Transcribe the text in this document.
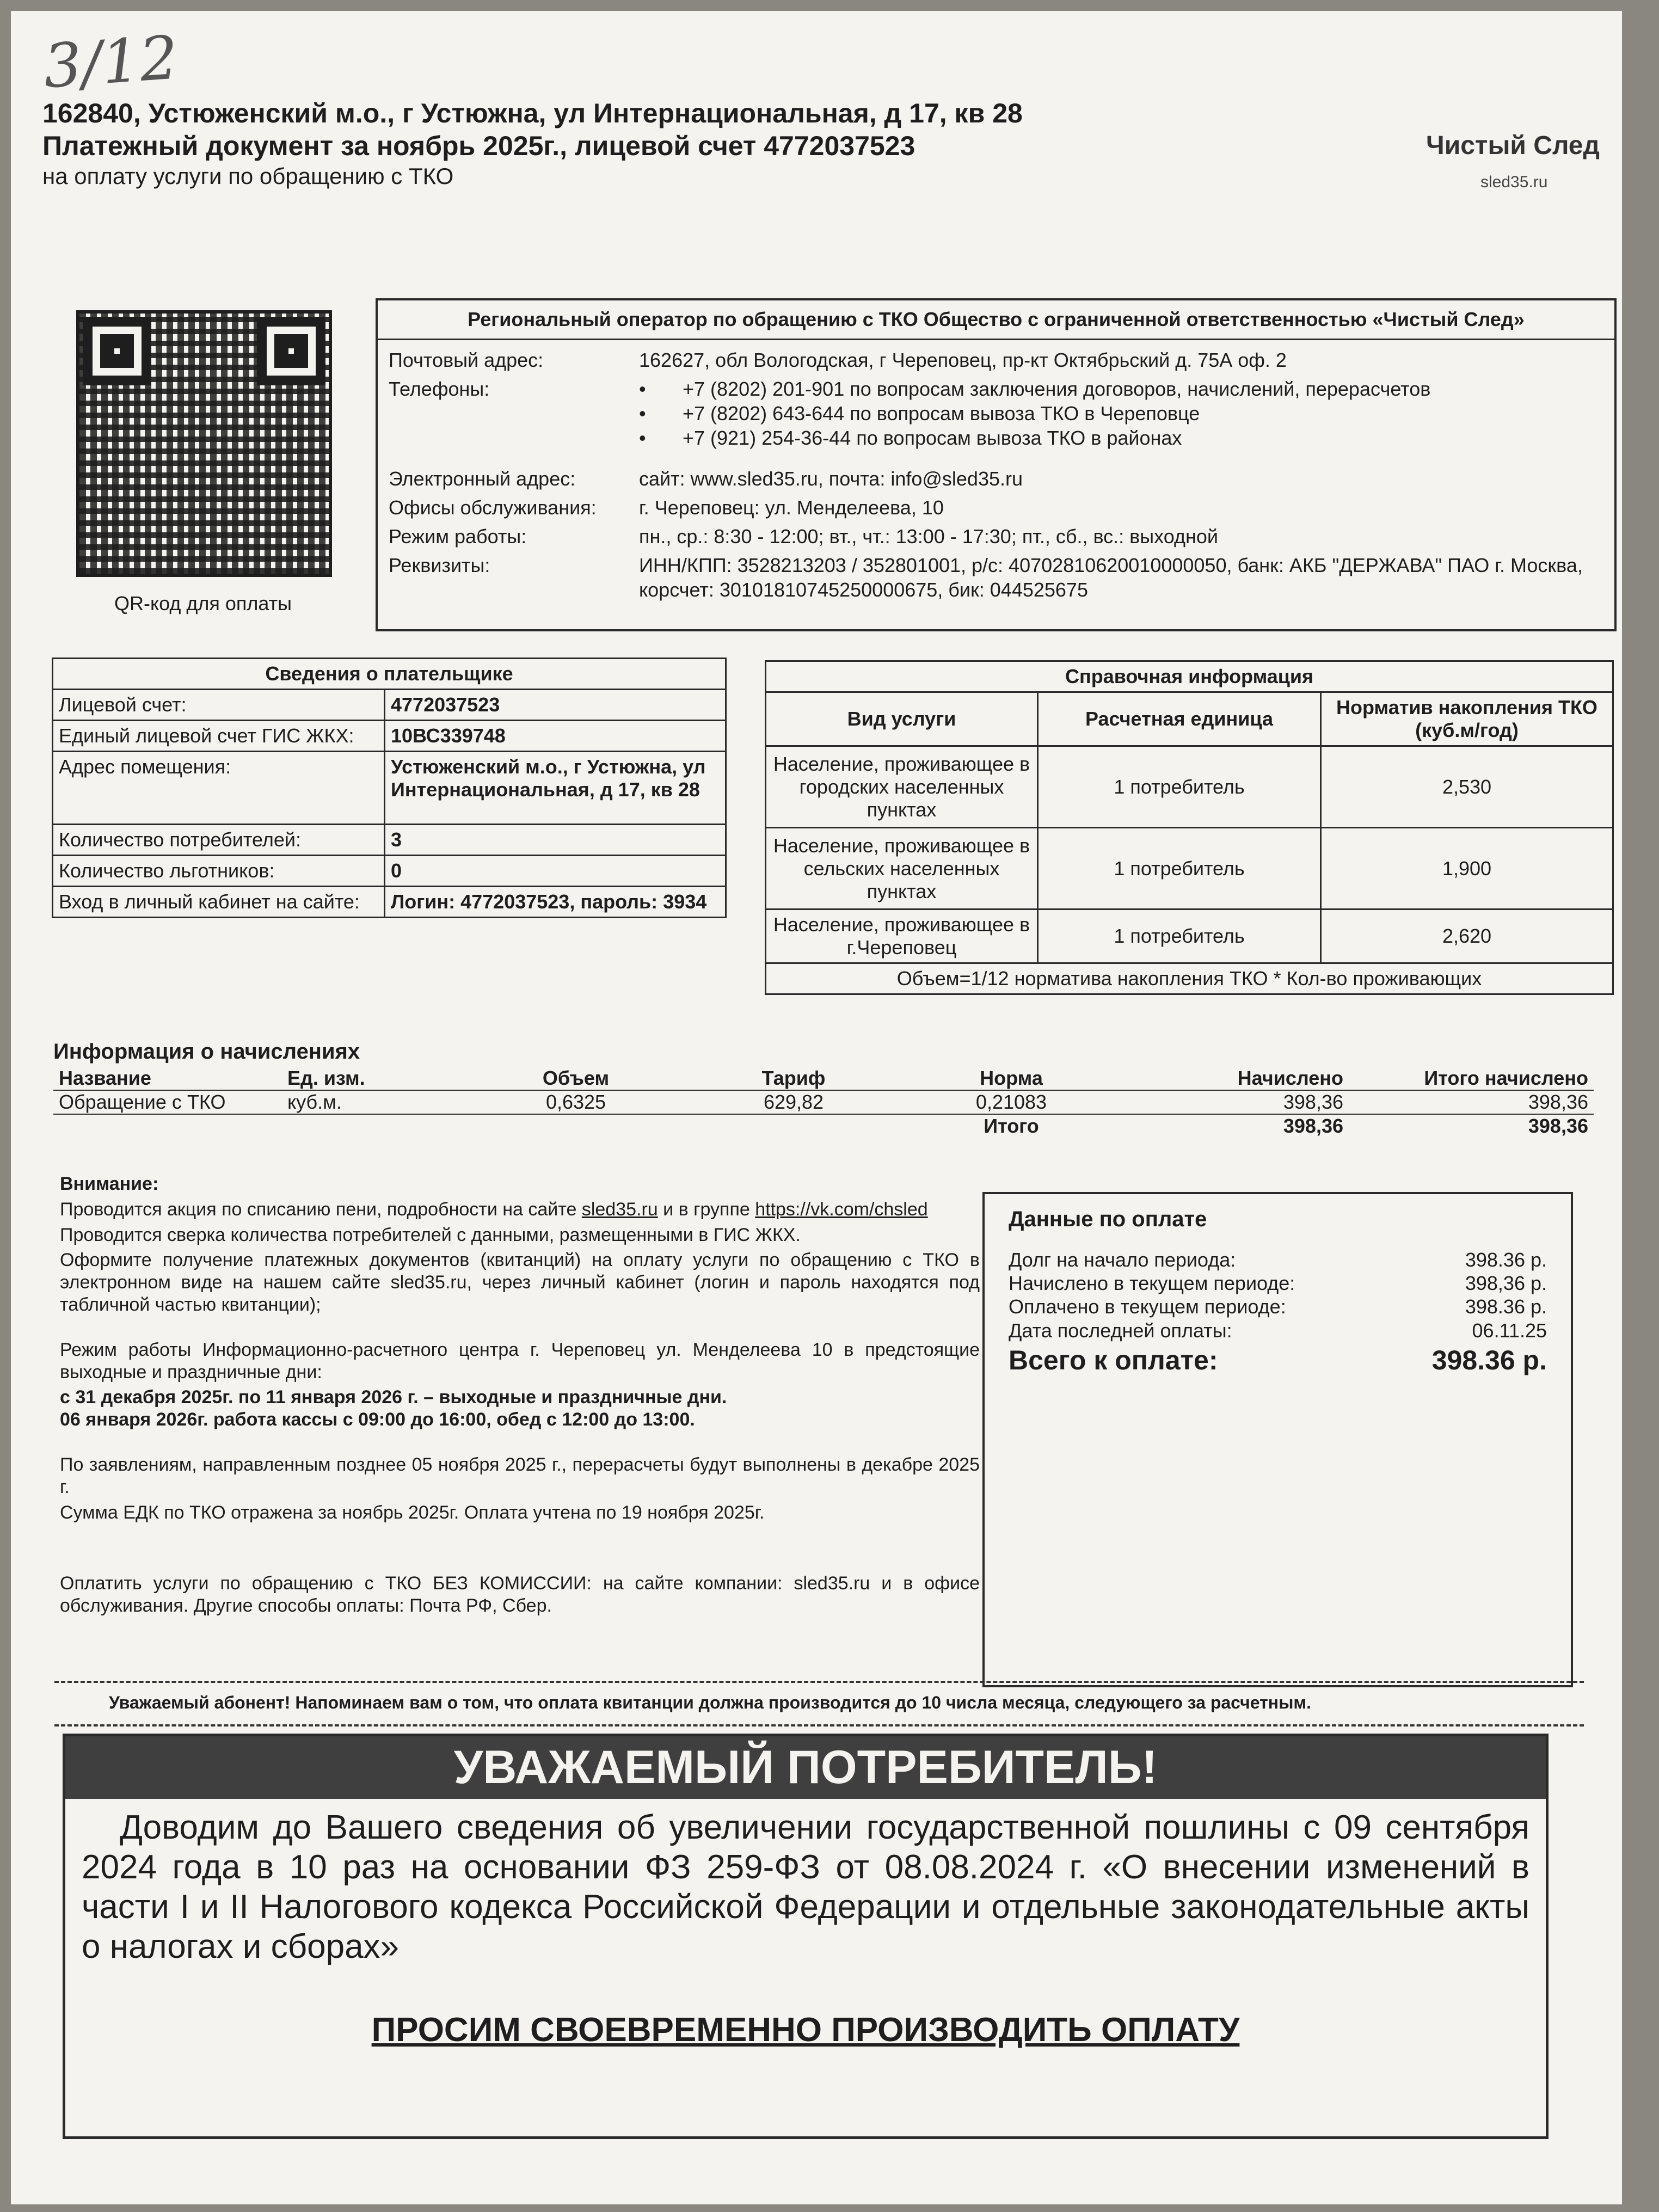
3/12
162840, Устюженский м.о., г Устюжна, ул Интернациональная, д 17, кв 28
Платежный документ за ноябрь 2025г., лицевой счет 4772037523
на оплату услуги по обращению с ТКО
Чистый След
sled35.ru
QR-код для оплаты
Региональный оператор по обращению с ТКО Общество с ограниченной ответственностью «Чистый След»
Почтовый адрес:	162627, обл Вологодская, г Череповец, пр-кт Октябрьский д. 75А оф. 2
Телефоны:	• +7 (8202) 201-901 по вопросам заключения договоров, начислений, перерасчетов
• +7 (8202) 643-644 по вопросам вывоза ТКО в Череповце
• +7 (921) 254-36-44 по вопросам вывоза ТКО в районах
Электронный адрес:	сайт: www.sled35.ru, почта: info@sled35.ru
Офисы обслуживания:	г. Череповец: ул. Менделеева, 10
Режим работы:	пн., ср.: 8:30 - 12:00; вт., чт.: 13:00 - 17:30; пт., сб., вс.: выходной
Реквизиты:	ИНН/КПП: 3528213203 / 352801001, р/с: 40702810620010000050, банк: АКБ "ДЕРЖАВА" ПАО г. Москва, корсчет: 30101810745250000675, бик: 044525675
Сведения о плательщике	
Лицевой счет:	4772037523
Единый лицевой счет ГИС ЖКХ:	10ВС339748
Адрес помещения:	Устюженский м.о., г Устюжна, ул Интернациональная, д 17, кв 28
Количество потребителей:	3
Количество льготников:	0
Вход в личный кабинет на сайте:	Логин: 4772037523, пароль: 3934
Справочная информация		
Вид услуги	Расчетная единица	Норматив накопления ТКО (куб.м/год)
Население, проживающее в городских населенных пунктах	1 потребитель	2,530
Население, проживающее в сельских населенных пунктах	1 потребитель	1,900
Население, проживающее в г.Череповец	1 потребитель	2,620
Объем=1/12 норматива накопления ТКО * Кол-во проживающих		
Информация о начислениях
Название	Ед. изм.	Объем	Тариф	Норма	Начислено	Итого начислено
Обращение с ТКО	куб.м.	0,6325	629,82	0,21083	398,36	398,36
				Итого	398,36	398,36

Внимание:

Проводится акция по списанию пени, подробности на сайте sled35.ru и в группе https://vk.com/chsled

Проводится сверка количества потребителей с данными, размещенными в ГИС ЖКХ.

Оформите получение платежных документов (квитанций) на оплату услуги по обращению с ТКО в электронном виде на нашем сайте sled35.ru, через личный кабинет (логин и пароль находятся под табличной частью квитанции);

Режим работы Информационно-расчетного центра г. Череповец ул. Менделеева 10 в предстоящие выходные и праздничные дни:

с 31 декабря 2025г. по 11 января 2026 г. – выходные и праздничные дни.
06 января 2026г. работа кассы с 09:00 до 16:00, обед с 12:00 до 13:00.

По заявлениям, направленным позднее 05 ноября 2025 г., перерасчеты будут выполнены в декабре 2025 г.

Сумма ЕДК по ТКО отражена за ноябрь 2025г. Оплата учтена по 19 ноября 2025г.

Оплатить услуги по обращению с ТКО БЕЗ КОМИССИИ: на сайте компании: sled35.ru и в офисе обслуживания. Другие способы оплаты: Почта РФ, Сбер.

Данные по оплате
Долг на начало периода:	398.36 р.
Начислено в текущем периоде:	398,36 р.
Оплачено в текущем периоде:	398.36 р.
Дата последней оплаты:	06.11.25
Всего к оплате:	398.36 р.
Уважаемый абонент! Напоминаем вам о том, что оплата квитанции должна производится до 10 числа месяца, следующего за расчетным.
УВАЖАЕМЫЙ ПОТРЕБИТЕЛЬ!
Доводим до Вашего сведения об увеличении государственной пошлины с 09 сентября 2024 года в 10 раз на основании ФЗ 259-ФЗ от 08.08.2024 г. «О внесении изменений в части I и II Налогового кодекса Российской Федерации и отдельные законодательные акты о налогах и сборах»
ПРОСИМ СВОЕВРЕМЕННО ПРОИЗВОДИТЬ ОПЛАТУ
